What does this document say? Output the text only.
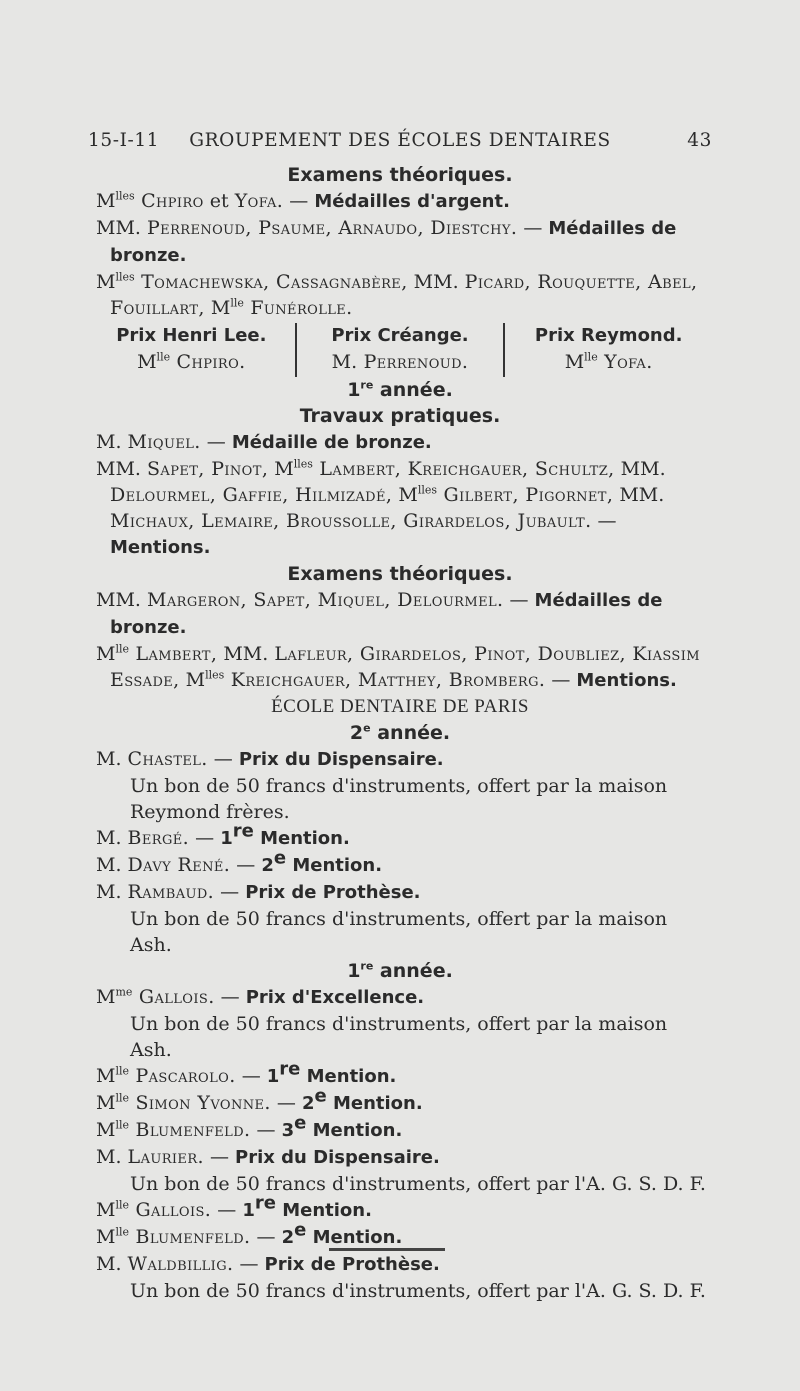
15-I-11	GROUPEMENT DES ÉCOLES DENTAIRES	43
Examens théoriques.
$M^{lles}$ Chpiro et Yofa. — Médailles d'argent.
MM. Perrenoud, Psaume, Arnaudo, Diestchy. — Médailles de bronze.
$M^{lles}$ Tomachewska, Cassagnabère, MM. Picard, Rouquette, Abel, Fouillart, $M^{lle}$ Funérolle.
Prix Henri Lee.
$M^{lle}$ Chpiro.
Prix Créange.
M. Perrenoud.
Prix Reymond.
$M^{lle}$ Yofa.
1re année.
Travaux pratiques.
M. Miquel. — Médaille de bronze.
MM. Sapet, Pinot, $M^{lles}$ Lambert, Kreichgauer, Schultz, MM. Delourmel, Gaffie, Hilmizadé, $M^{lles}$ Gilbert, Pigornet, MM. Michaux, Lemaire, Broussolle, Girardelos, Jubault. — Mentions.
Examens théoriques.
MM. Margeron, Sapet, Miquel, Delourmel. — Médailles de bronze.
$M^{lle}$ Lambert, MM. Lafleur, Girardelos, Pinot, Doubliez, Kiassim Essade, $M^{lles}$ Kreichgauer, Matthey, Bromberg. — Mentions.
ÉCOLE DENTAIRE DE PARIS
2e année.
M. Chastel. — Prix du Dispensaire.
Un bon de 50 francs d'instruments, offert par la maison Reymond frères.
M. Bergé. — 1re Mention.
M. Davy René. — 2e Mention.
M. Rambaud. — Prix de Prothèse.
Un bon de 50 francs d'instruments, offert par la maison Ash.
1re année.
$M^{me}$ Gallois. — Prix d'Excellence.
Un bon de 50 francs d'instruments, offert par la maison Ash.
$M^{lle}$ Pascarolo. — 1re Mention.
$M^{lle}$ Simon Yvonne. — 2e Mention.
$M^{lle}$ Blumenfeld. — 3e Mention.
M. Laurier. — Prix du Dispensaire.
Un bon de 50 francs d'instruments, offert par l'A. G. S. D. F.
$M^{lle}$ Gallois. — 1re Mention.
$M^{lle}$ Blumenfeld. — 2e Mention.
M. Waldbillig. — Prix de Prothèse.
Un bon de 50 francs d'instruments, offert par l'A. G. S. D. F.
